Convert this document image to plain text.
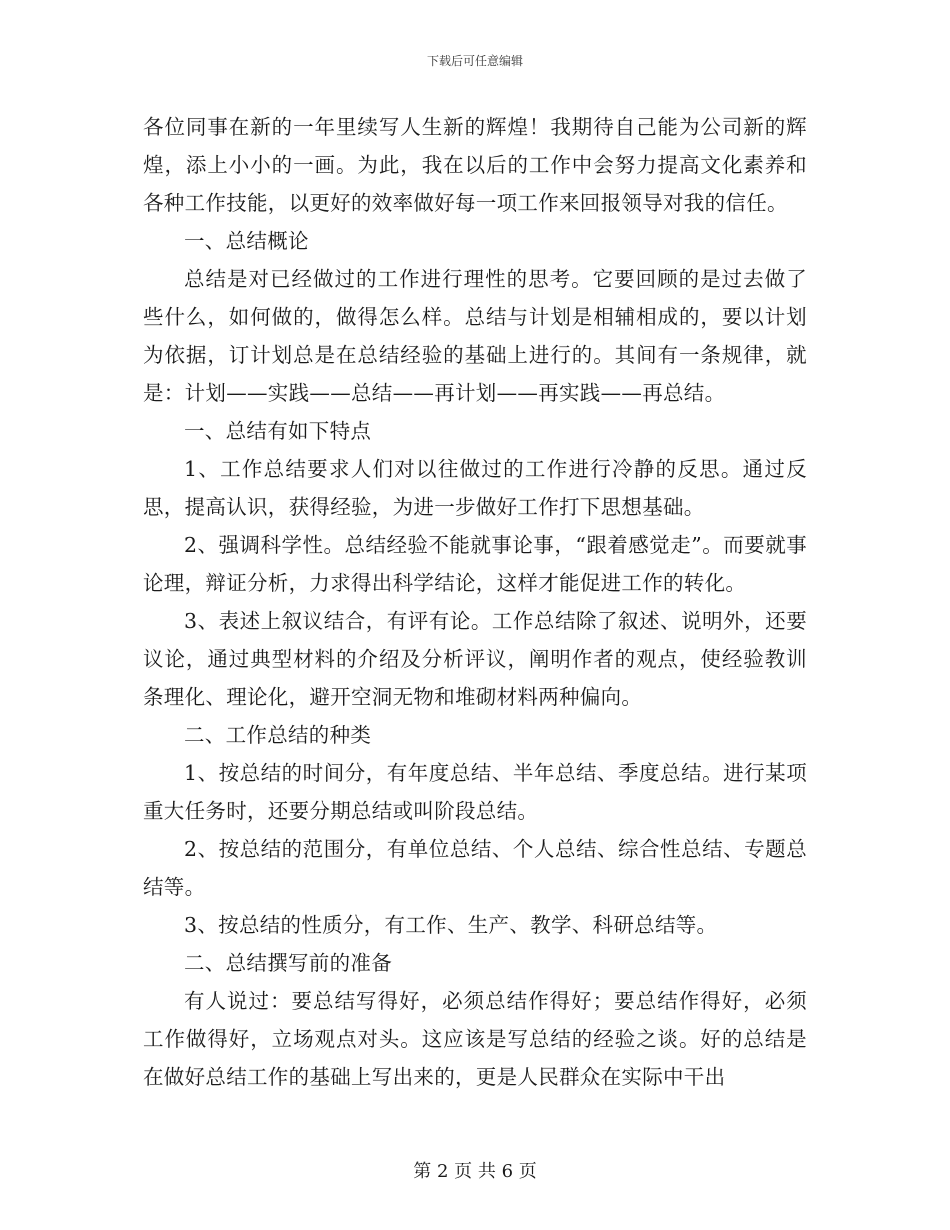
下载后可任意编辑

各位同事在新的一年里续写人生新的辉煌！我期待自己能为公司新的辉煌，添上小小的一画。为此，我在以后的工作中会努力提高文化素养和各种工作技能，以更好的效率做好每一项工作来回报领导对我的信任。

一、总结概论

总结是对已经做过的工作进行理性的思考。它要回顾的是过去做了些什么，如何做的，做得怎么样。总结与计划是相辅相成的，要以计划为依据，订计划总是在总结经验的基础上进行的。其间有一条规律，就是：计划——实践——总结——再计划——再实践——再总结。

一、总结有如下特点

1、工作总结要求人们对以往做过的工作进行冷静的反思。通过反思，提高认识，获得经验，为进一步做好工作打下思想基础。

2、强调科学性。总结经验不能就事论事，“跟着感觉走”。而要就事论理，辩证分析，力求得出科学结论，这样才能促进工作的转化。

3、表述上叙议结合，有评有论。工作总结除了叙述、说明外，还要议论，通过典型材料的介绍及分析评议，阐明作者的观点，使经验教训条理化、理论化，避开空洞无物和堆砌材料两种偏向。

二、工作总结的种类

1、按总结的时间分，有年度总结、半年总结、季度总结。进行某项重大任务时，还要分期总结或叫阶段总结。

2、按总结的范围分，有单位总结、个人总结、综合性总结、专题总结等。

3、按总结的性质分，有工作、生产、教学、科研总结等。

二、总结撰写前的准备

有人说过：要总结写得好，必须总结作得好；要总结作得好，必须工作做得好，立场观点对头。这应该是写总结的经验之谈。好的总结是在做好总结工作的基础上写出来的，更是人民群众在实际中干出

第 2 页 共 6 页
